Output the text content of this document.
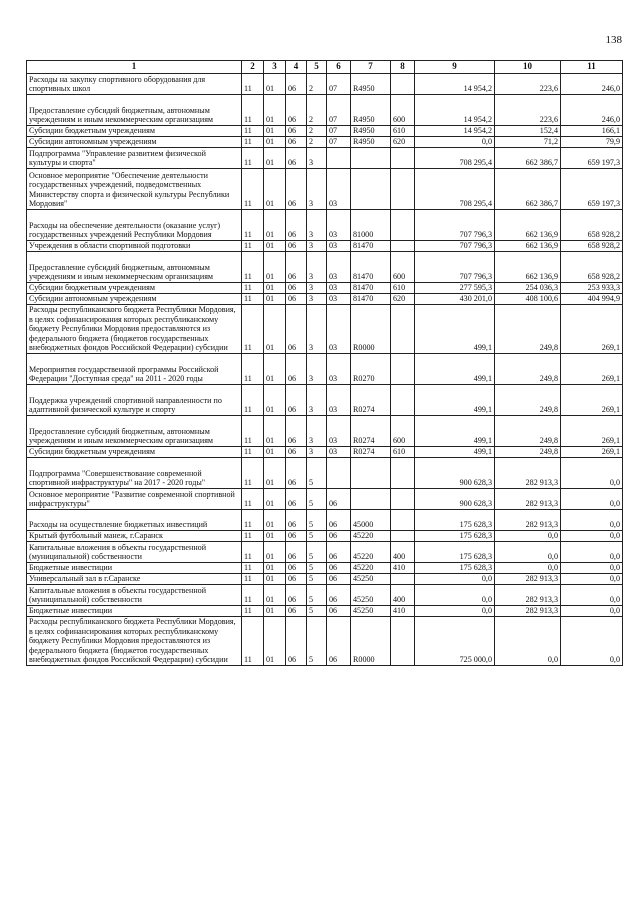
138
1	2	3	4	5	6	7	8	9	10	11
Расходы на закупку спортивного оборудования для спортивных школ	11	01	06	2	07	R4950		14 954,2	223,6	246,0
Предоставление субсидий бюджетным, автономным учреждениям и иным некоммерческим организациям	11	01	06	2	07	R4950	600	14 954,2	223,6	246,0
Субсидии бюджетным учреждениям	11	01	06	2	07	R4950	610	14 954,2	152,4	166,1
Субсидии автономным учреждениям	11	01	06	2	07	R4950	620	0,0	71,2	79,9
Подпрограмма "Управление развитием физической культуры и спорта"	11	01	06	3				708 295,4	662 386,7	659 197,3
Основное мероприятие "Обеспечение деятельности государственных учреждений, подведомственных Министерству спорта и физической культуры Республики Мордовия"	11	01	06	3	03			708 295,4	662 386,7	659 197,3
Расходы на обеспечение деятельности (оказание услуг) государственных учреждений Республики Мордовия	11	01	06	3	03	81000		707 796,3	662 136,9	658 928,2
Учреждения в области спортивной подготовки	11	01	06	3	03	81470		707 796,3	662 136,9	658 928,2
Предоставление субсидий бюджетным, автономным учреждениям и иным некоммерческим организациям	11	01	06	3	03	81470	600	707 796,3	662 136,9	658 928,2
Субсидии бюджетным учреждениям	11	01	06	3	03	81470	610	277 595,3	254 036,3	253 933,3
Субсидии автономным учреждениям	11	01	06	3	03	81470	620	430 201,0	408 100,6	404 994,9
Расходы республиканского бюджета Республики Мордовия, в целях софинансирования которых республиканскому бюджету Республики Мордовия предоставляются из федерального бюджета (бюджетов государственных внебюджетных фондов Российской Федерации) субсидии	11	01	06	3	03	R0000		499,1	249,8	269,1
Мероприятия государственной программы Российской Федерации "Доступная среда" на 2011 - 2020 годы	11	01	06	3	03	R0270		499,1	249,8	269,1
Поддержка учреждений спортивной направленности по адаптивной физической культуре и спорту	11	01	06	3	03	R0274		499,1	249,8	269,1
Предоставление субсидий бюджетным, автономным учреждениям и иным некоммерческим организациям	11	01	06	3	03	R0274	600	499,1	249,8	269,1
Субсидии бюджетным учреждениям	11	01	06	3	03	R0274	610	499,1	249,8	269,1
Подпрограмма "Совершенствование современной спортивной инфраструктуры" на 2017 - 2020 годы"	11	01	06	5				900 628,3	282 913,3	0,0
Основное мероприятие "Развитие современной спортивной инфраструктуры"	11	01	06	5	06			900 628,3	282 913,3	0,0
Расходы на осуществление бюджетных инвестиций	11	01	06	5	06	45000		175 628,3	282 913,3	0,0
Крытый футбольный манеж, г.Саранск	11	01	06	5	06	45220		175 628,3	0,0	0,0
Капитальные вложения в объекты государственной (муниципальной) собственности	11	01	06	5	06	45220	400	175 628,3	0,0	0,0
Бюджетные инвестиции	11	01	06	5	06	45220	410	175 628,3	0,0	0,0
Универсальный зал в г.Саранске	11	01	06	5	06	45250		0,0	282 913,3	0,0
Капитальные вложения в объекты государственной (муниципальной) собственности	11	01	06	5	06	45250	400	0,0	282 913,3	0,0
Бюджетные инвестиции	11	01	06	5	06	45250	410	0,0	282 913,3	0,0
Расходы республиканского бюджета Республики Мордовия, в целях софинансирования которых республиканскому бюджету Республики Мордовия предоставляются из федерального бюджета (бюджетов государственных внебюджетных фондов Российской Федерации) субсидии	11	01	06	5	06	R0000		725 000,0	0,0	0,0
